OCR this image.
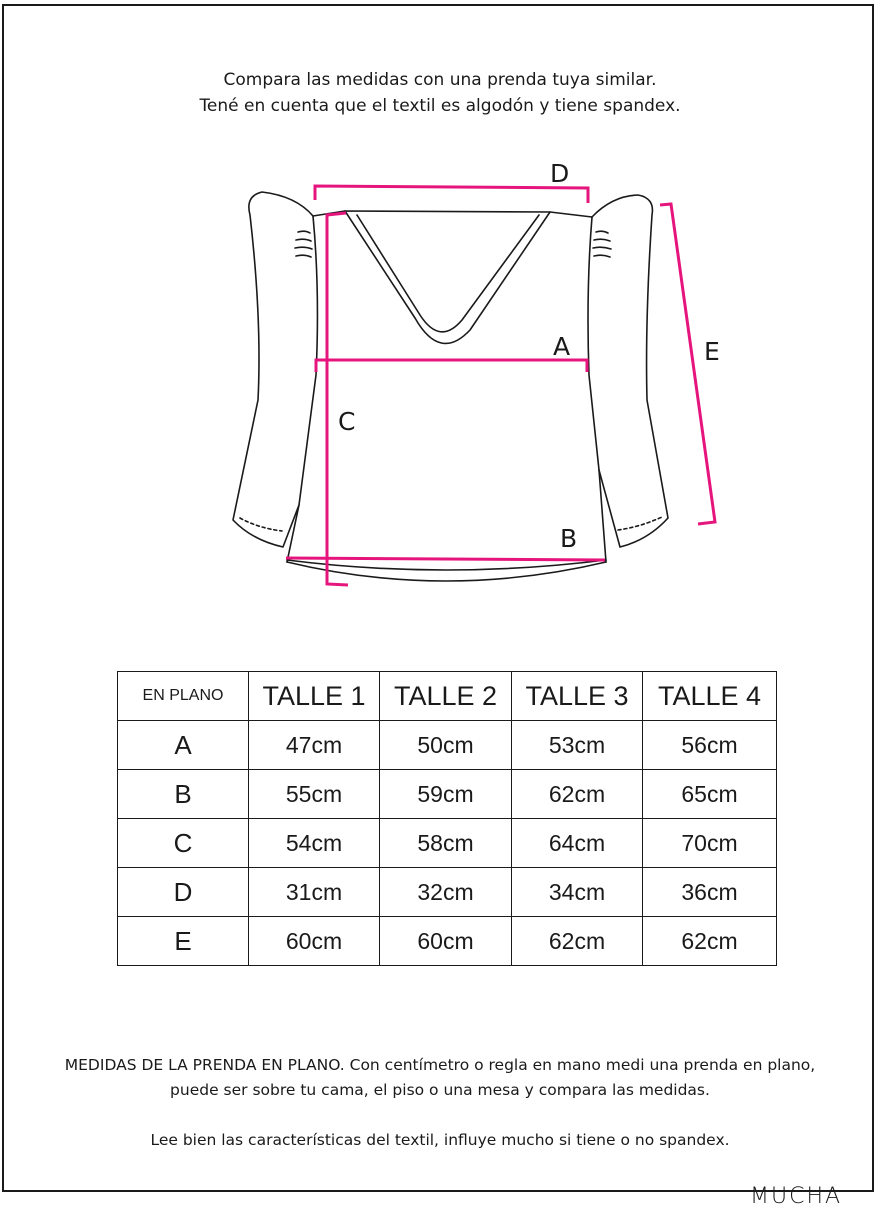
Compara las medidas con una prenda tuya similar.
Tené en cuenta que el textil es algodón y tiene spandex.
D
A
C
B
E
EN PLANO	TALLE 1	TALLE 2	TALLE 3	TALLE 4
A	47cm	50cm	53cm	56cm
B	55cm	59cm	62cm	65cm
C	54cm	58cm	64cm	70cm
D	31cm	32cm	34cm	36cm
E	60cm	60cm	62cm	62cm
MEDIDAS DE LA PRENDA EN PLANO. Con centímetro o regla en mano medi una prenda en plano,
puede ser sobre tu cama, el piso o una mesa y compara las medidas.
Lee bien las características del textil, influye mucho si tiene o no spandex.
MUCHA
